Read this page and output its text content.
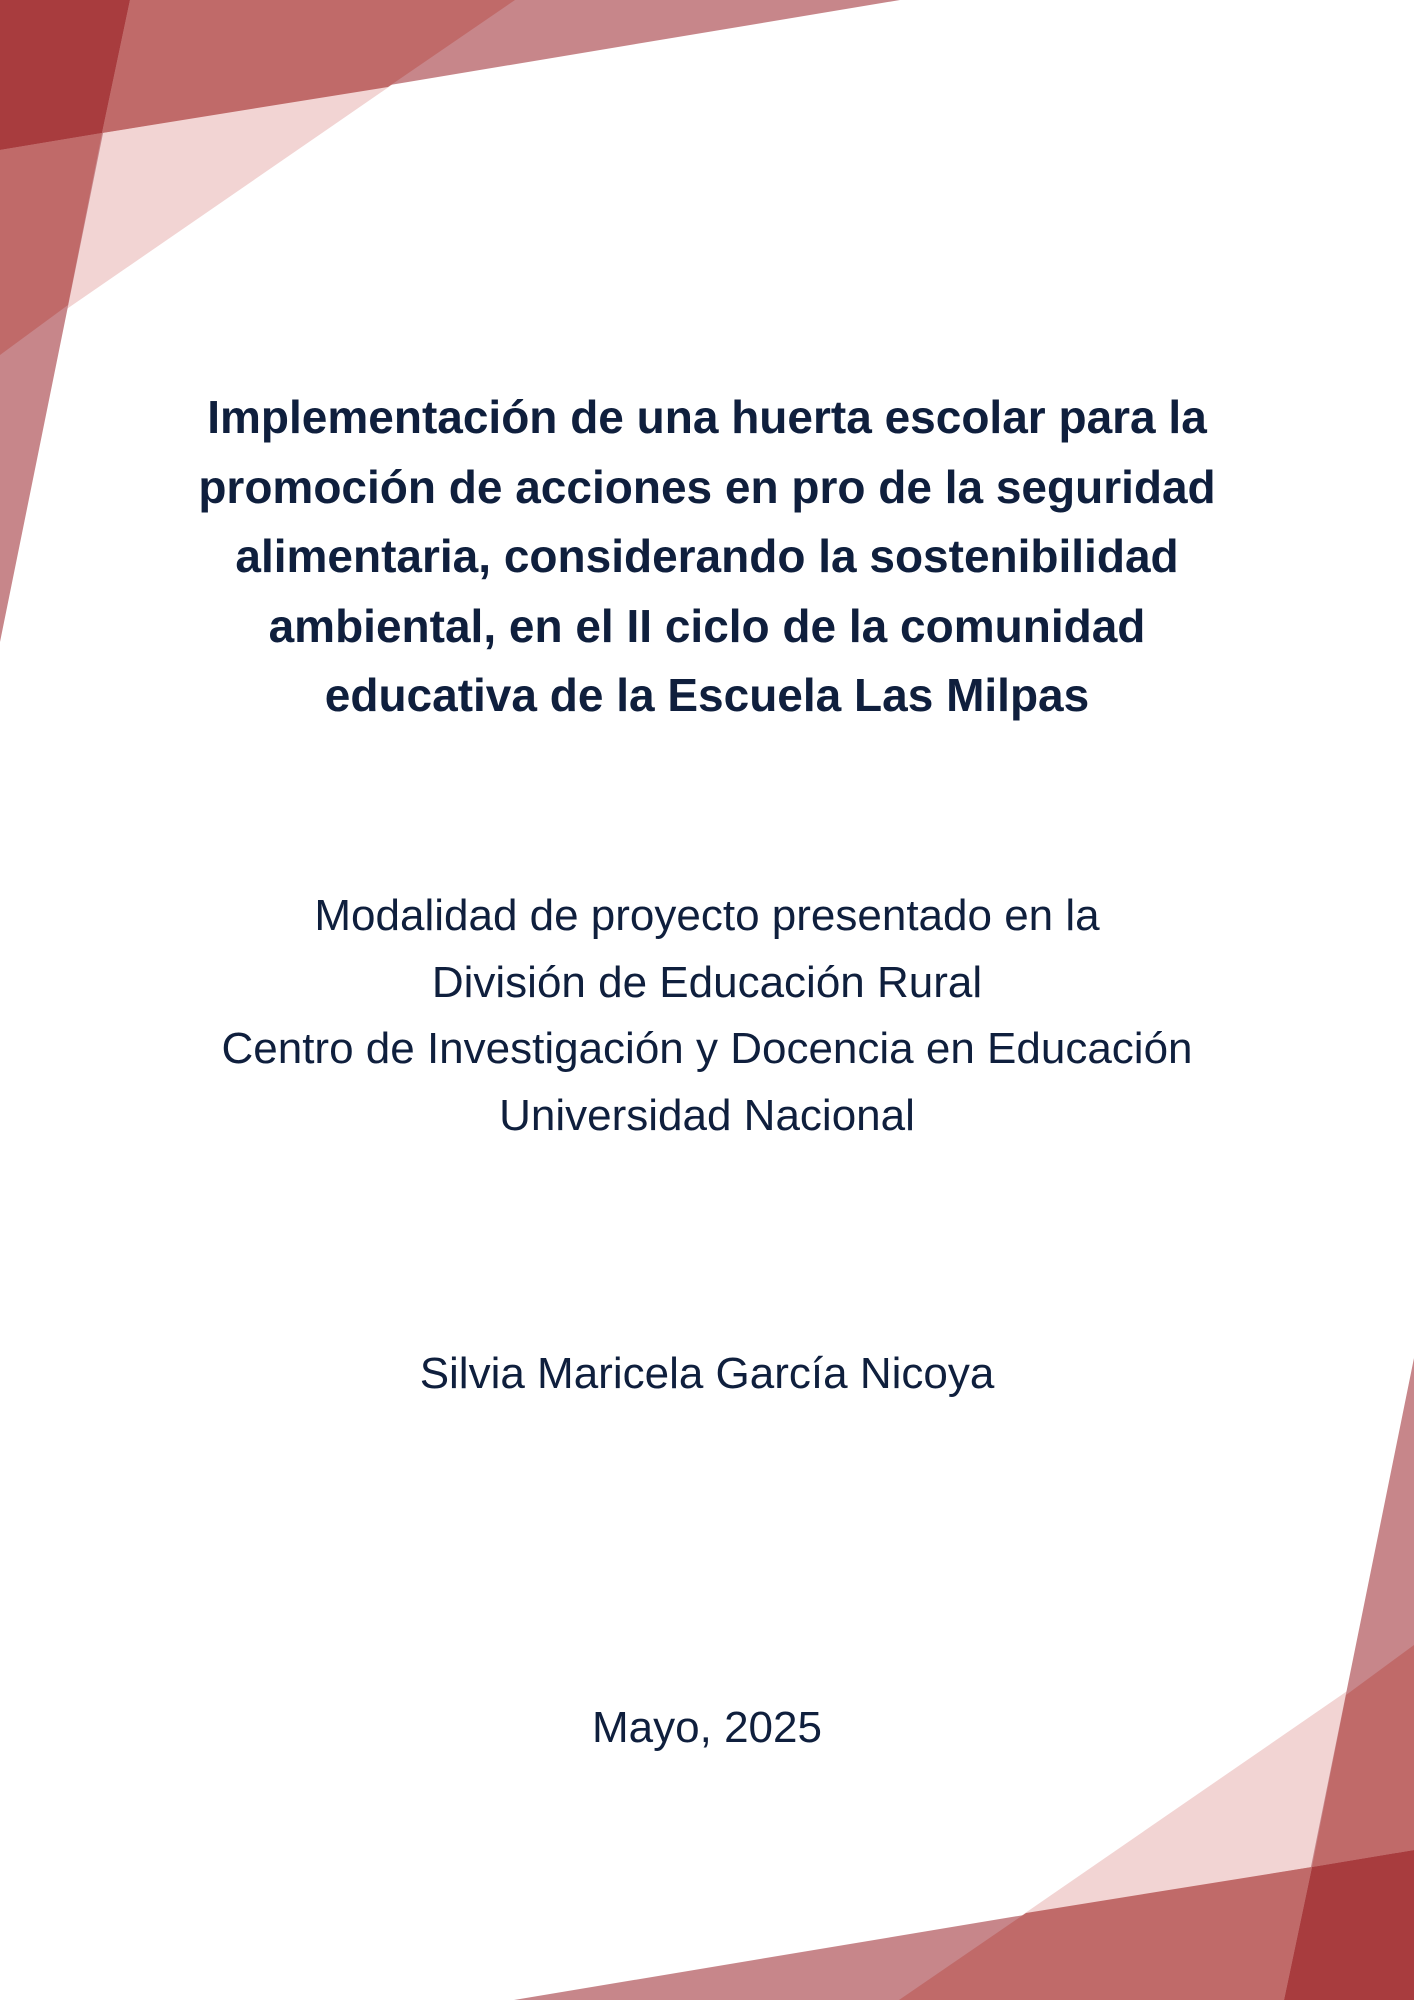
Implementación de una huerta escolar para la
promoción de acciones en pro de la seguridad
alimentaria, considerando la sostenibilidad
ambiental, en el II ciclo de la comunidad
educativa de la Escuela Las Milpas
Modalidad de proyecto presentado en la
División de Educación Rural
Centro de Investigación y Docencia en Educación
Universidad Nacional
Silvia Maricela García Nicoya
Mayo, 2025
